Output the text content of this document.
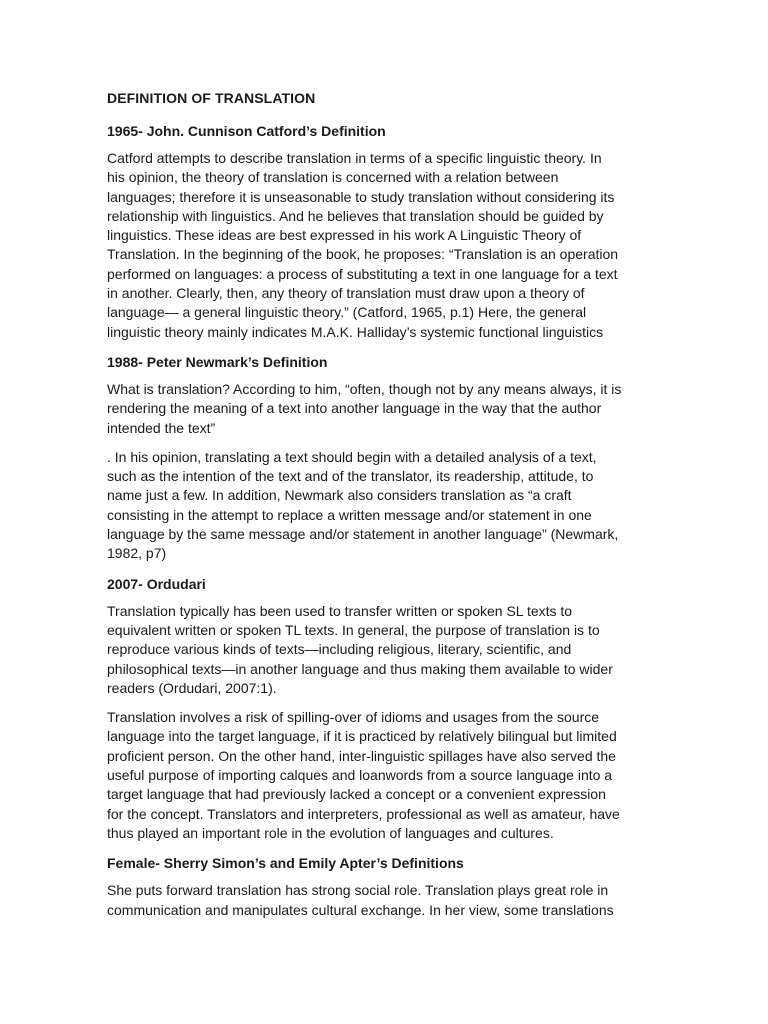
DEFINITION OF TRANSLATION
1965- John. Cunnison Catford’s Definition
Catford attempts to describe translation in terms of a specific linguistic theory. In
his opinion, the theory of translation is concerned with a relation between
languages; therefore it is unseasonable to study translation without considering its
relationship with linguistics. And he believes that translation should be guided by
linguistics. These ideas are best expressed in his work A Linguistic Theory of
Translation. In the beginning of the book, he proposes: “Translation is an operation
performed on languages: a process of substituting a text in one language for a text
in another. Clearly, then, any theory of translation must draw upon a theory of
language— a general linguistic theory.” (Catford, 1965, p.1) Here, the general
linguistic theory mainly indicates M.A.K. Halliday’s systemic functional linguistics
1988- Peter Newmark’s Definition
What is translation? According to him, “often, though not by any means always, it is
rendering the meaning of a text into another language in the way that the author
intended the text”
. In his opinion, translating a text should begin with a detailed analysis of a text,
such as the intention of the text and of the translator, its readership, attitude, to
name just a few. In addition, Newmark also considers translation as “a craft
consisting in the attempt to replace a written message and/or statement in one
language by the same message and/or statement in another language” (Newmark,
1982, p7)
2007- Ordudari
Translation typically has been used to transfer written or spoken SL texts to
equivalent written or spoken TL texts. In general, the purpose of translation is to
reproduce various kinds of texts—including religious, literary, scientific, and
philosophical texts—in another language and thus making them available to wider
readers (Ordudari, 2007:1).
Translation involves a risk of spilling-over of idioms and usages from the source
language into the target language, if it is practiced by relatively bilingual but limited
proficient person. On the other hand, inter-linguistic spillages have also served the
useful purpose of importing calques and loanwords from a source language into a
target language that had previously lacked a concept or a convenient expression
for the concept. Translators and interpreters, professional as well as amateur, have
thus played an important role in the evolution of languages and cultures.
Female- Sherry Simon’s and Emily Apter’s Definitions
She puts forward translation has strong social role. Translation plays great role in
communication and manipulates cultural exchange. In her view, some translations
